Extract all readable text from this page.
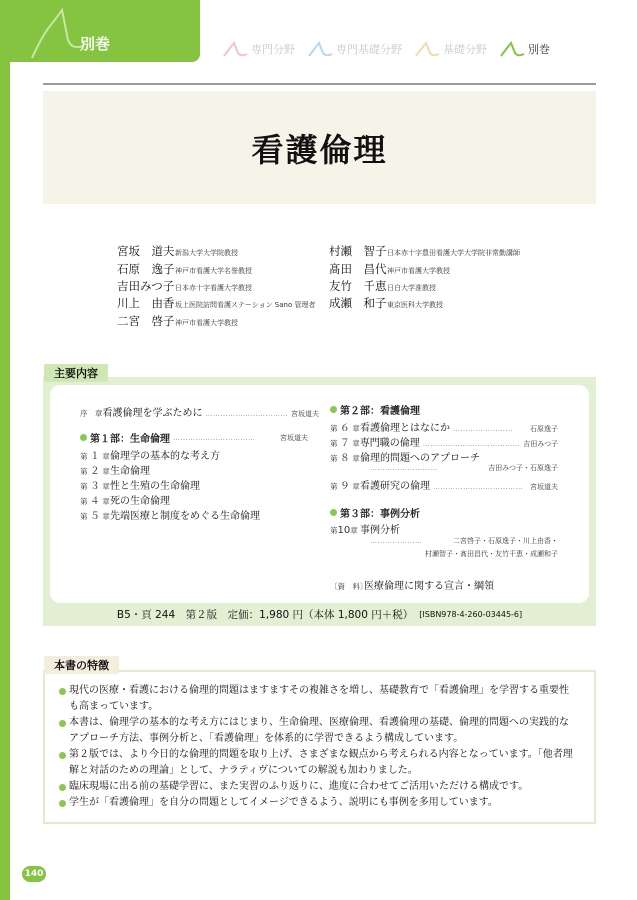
別巻	専門分野	専門基礎分野	基礎分野	別巻
看護倫理
宮坂　道夫 新潟大学大学院教授
石原　逸子 神戸市看護大学名誉教授
吉田みつ子 日本赤十字看護大学教授
川上　由香 坂上医院訪問看護ステーション Sano 管理者
二宮　啓子 神戸市看護大学教授
村瀬　智子 日本赤十字豊田看護大学大学院非常勤講師
髙田　昌代 神戸市看護大学教授
友竹　千恵 日白大学准教授
成瀬　和子 東京医科大学教授
主要内容
序　章 看護倫理を学ぶために …………………………… 宮坂道夫
第１部：生命倫理 ……………………………	宮坂道夫
第 １ 章 倫理学の基本的な考え方
第 ２ 章 生命倫理
第 ３ 章 性と生殖の生命倫理
第 ４ 章 死の生命倫理
第 ５ 章 先端医療と制度をめぐる生命倫理
第２部：看護倫理
第 ６ 章 看護倫理とはなにか ……………………	石原逸子
第 ７ 章 専門職の倫理 ………………………………… 吉田みつ子
第 ８ 章 倫理的問題へのアプローチ
………………………	吉田みつ子・石原逸子
第 ９ 章 看護研究の倫理 ………………………………	宮坂道夫
第３部：事例分析
第10章 事例分析
…………………	二宮啓子・石原逸子・川上由香・
村瀬智子・髙田昌代・友竹千恵・成瀬和子
〔資　料〕
医療倫理に関する宣言・綱領
B5・頁 244　第２版　定価：1,980 円（本体 1,800 円＋税） [ISBN978-4-260-03445-6]
本書の特徴
現代の医療・看護における倫理的問題はますますその複雑さを増し、基礎教育で「看護倫理」を学習する重要性も高まっています。
本書は、倫理学の基本的な考え方にはじまり、生命倫理、医療倫理、看護倫理の基礎、倫理的問題への実践的なアプローチ方法、事例分析と、「看護倫理」を体系的に学習できるよう構成しています。
第２版では、より今日的な倫理的問題を取り上げ、さまざまな観点から考えられる内容となっています。「他者理解と対話のための理論」として、ナラティヴについての解説も加わりました。
臨床現場に出る前の基礎学習に、また実習のふり返りに、進度に合わせてご活用いただける構成です。
学生が「看護倫理」を自分の問題としてイメージできるよう、説明にも事例を多用しています。
140
